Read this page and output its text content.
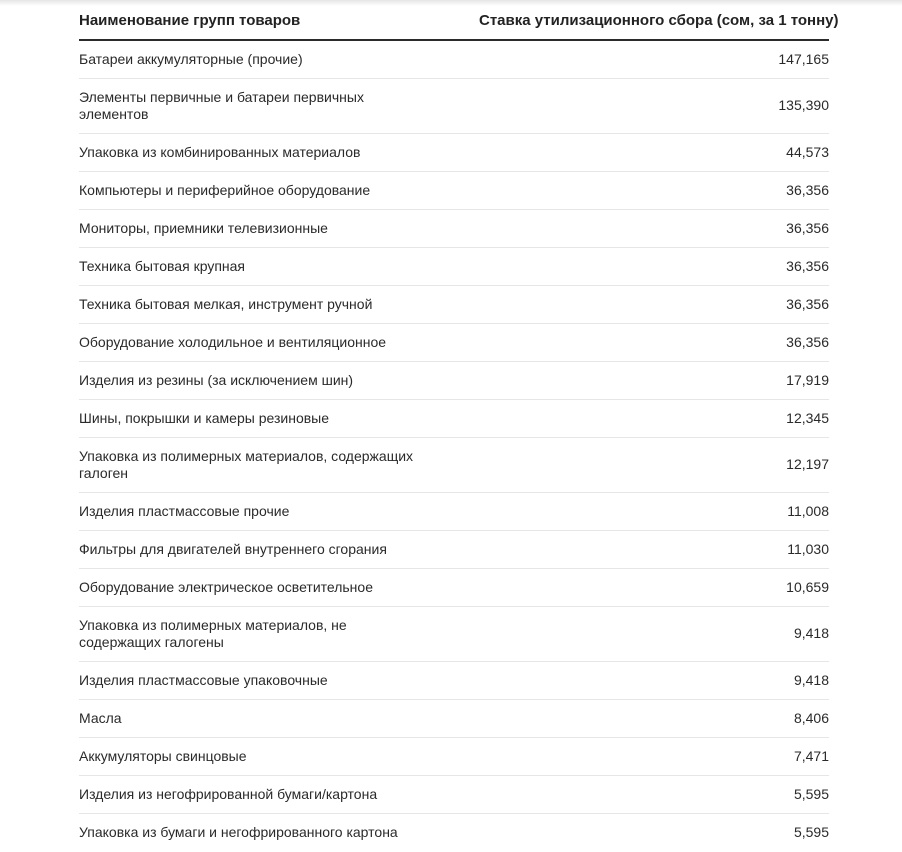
Наименование групп товаров	Ставка утилизационного сбора (сом, за 1 тонну)
Батареи аккумуляторные (прочие)	147,165
Элементы первичные и батареи первичных элементов	135,390
Упаковка из комбинированных материалов	44,573
Компьютеры и периферийное оборудование	36,356
Мониторы, приемники телевизионные	36,356
Техника бытовая крупная	36,356
Техника бытовая мелкая, инструмент ручной	36,356
Оборудование холодильное и вентиляционное	36,356
Изделия из резины (за исключением шин)	17,919
Шины, покрышки и камеры резиновые	12,345
Упаковка из полимерных материалов, содержащих галоген	12,197
Изделия пластмассовые прочие	11,008
Фильтры для двигателей внутреннего сгорания	11,030
Оборудование электрическое осветительное	10,659
Упаковка из полимерных материалов, не содержащих галогены	9,418
Изделия пластмассовые упаковочные	9,418
Масла	8,406
Аккумуляторы свинцовые	7,471
Изделия из негофрированной бумаги/картона	5,595
Упаковка из бумаги и негофрированного картона	5,595
